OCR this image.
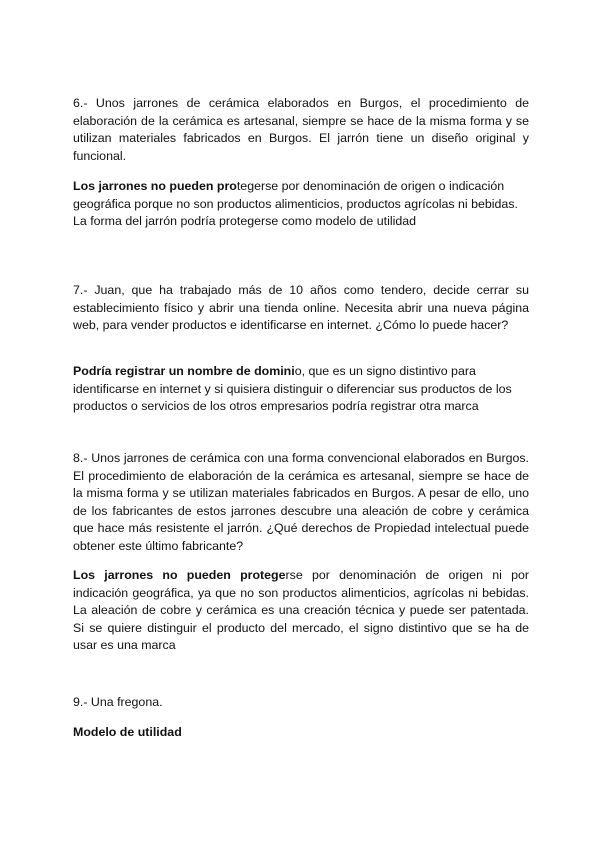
6.- Unos jarrones de cerámica elaborados en Burgos, el procedimiento de elaboración de la cerámica es artesanal, siempre se hace de la misma forma y se utilizan materiales fabricados en Burgos. El jarrón tiene un diseño original y funcional.

Los jarrones no pueden protegerse por denominación de origen o indicación geográfica porque no son productos alimenticios, productos agrícolas ni bebidas. La forma del jarrón podría protegerse como modelo de utilidad

7.- Juan, que ha trabajado más de 10 años como tendero, decide cerrar su establecimiento físico y abrir una tienda online. Necesita abrir una nueva página web, para vender productos e identificarse en internet. ¿Cómo lo puede hacer?

Podría registrar un nombre de dominio, que es un signo distintivo para identificarse en internet y si quisiera distinguir o diferenciar sus productos de los productos o servicios de los otros empresarios podría registrar otra marca

8.- Unos jarrones de cerámica con una forma convencional elaborados en Burgos. El procedimiento de elaboración de la cerámica es artesanal, siempre se hace de la misma forma y se utilizan materiales fabricados en Burgos. A pesar de ello, uno de los fabricantes de estos jarrones descubre una aleación de cobre y cerámica que hace más resistente el jarrón. ¿Qué derechos de Propiedad intelectual puede obtener este último fabricante?

Los jarrones no pueden protegerse por denominación de origen ni por indicación geográfica, ya que no son productos alimenticios, agrícolas ni bebidas. La aleación de cobre y cerámica es una creación técnica y puede ser patentada. Si se quiere distinguir el producto del mercado, el signo distintivo que se ha de usar es una marca

9.- Una fregona.

Modelo de utilidad
